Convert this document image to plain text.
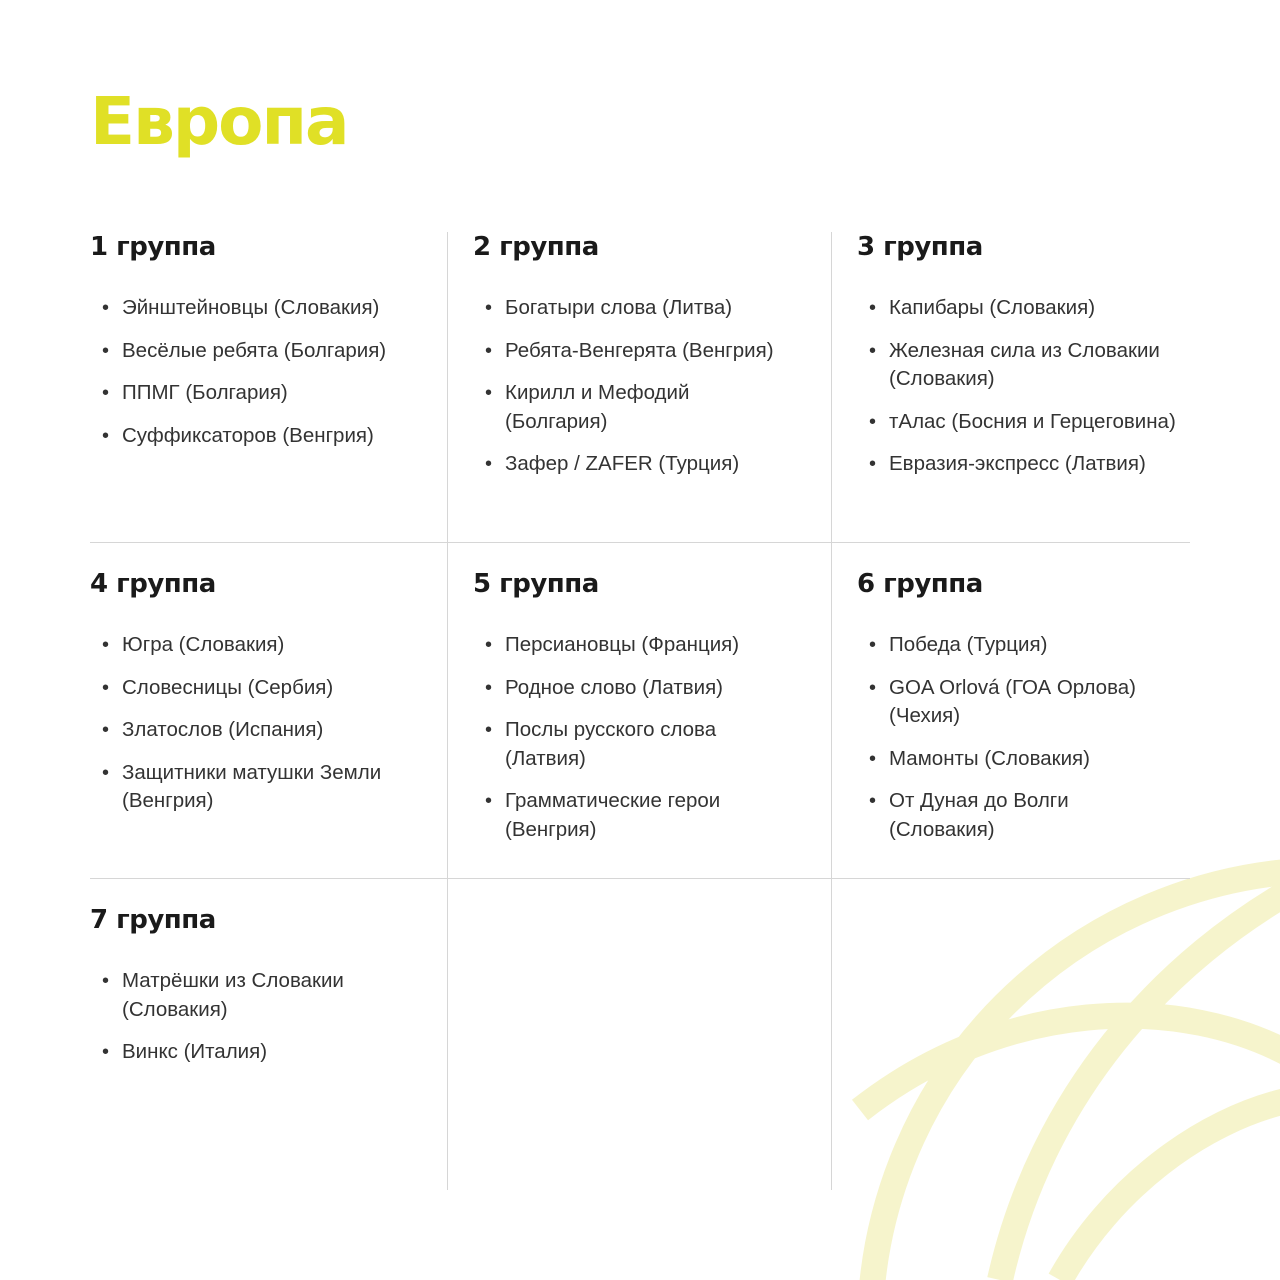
Европа
1 группа
• Эйнштейновцы (Словакия)
• Весёлые ребята (Болгария)
• ППМГ (Болгария)
• Суффиксаторов (Венгрия)
2 группа
• Богатыри слова (Литва)
• Ребята-Венгерята (Венгрия)
• Кирилл и Мефодий (Болгария)
• Зафер / ZAFER (Турция)
3 группа
• Капибары (Словакия)
• Железная сила из Словакии (Словакия)
• тАлас (Босния и Герцеговина)
• Евразия-экспресс (Латвия)
4 группа
• Югра (Словакия)
• Словесницы (Сербия)
• Златослов (Испания)
• Защитники матушки Земли (Венгрия)
5 группа
• Персиановцы (Франция)
• Родное слово (Латвия)
• Послы русского слова (Латвия)
• Грамматические герои (Венгрия)
6 группа
• Победа (Турция)
• GOA Orlová (ГОА Орлова) (Чехия)
• Мамонты (Словакия)
• От Дуная до Волги (Словакия)
7 группа
• Матрёшки из Словакии (Словакия)
• Винкс (Италия)
